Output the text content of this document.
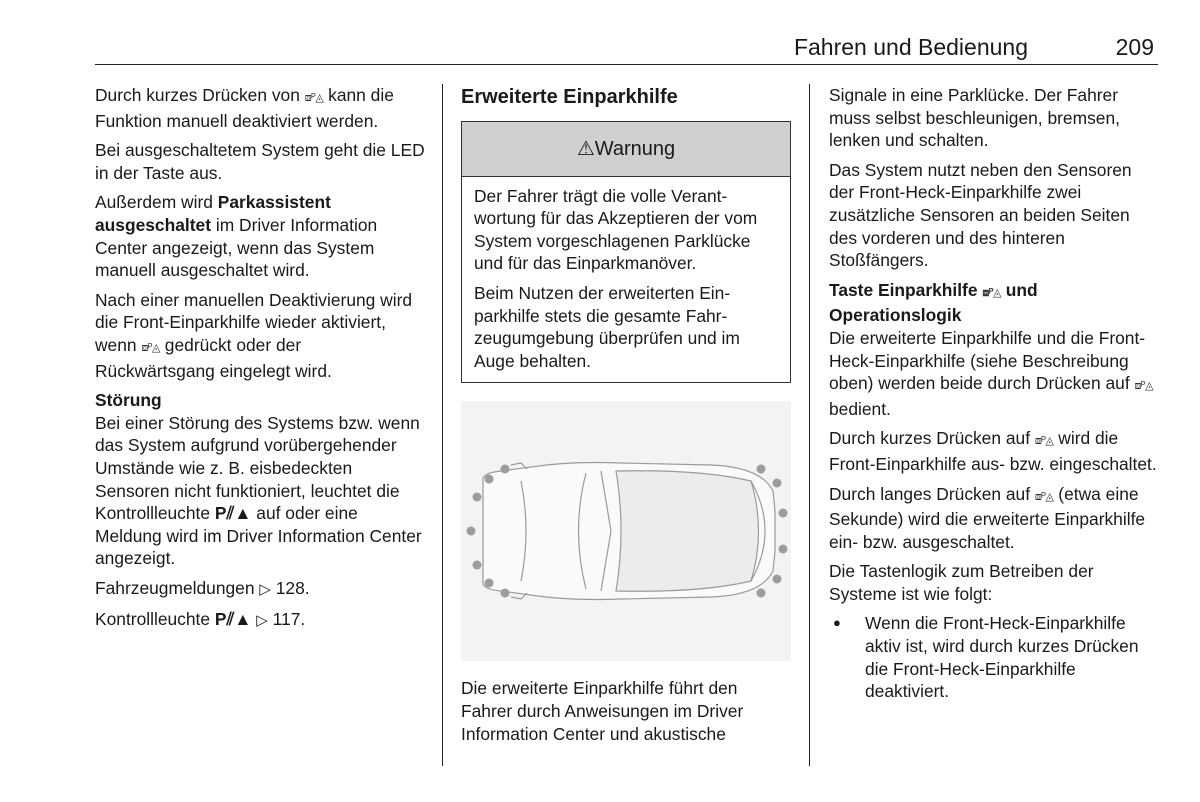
Fahren und Bedienung	209

Durch kurzes Drücken von ⧈ᴾ◬ kann die Funktion manuell deaktiviert werden.

Bei ausgeschaltetem System geht die LED in der Taste aus.

Außerdem wird Parkassistent ausgeschaltet im Driver Information Center angezeigt, wenn das System manuell ausgeschaltet wird.

Nach einer manuellen Deaktivierung wird die Front-Einparkhilfe wieder aktiviert, wenn ⧈ᴾ◬ gedrückt oder der Rückwärtsgang eingelegt wird.

Störung

Bei einer Störung des Systems bzw. wenn das System aufgrund vorübergehender Umstände wie z. B. eisbedeckten Sensoren nicht funktioniert, leuchtet die Kontrollleuchte P⫽▲ auf oder eine Meldung wird im Driver Information Center angezeigt.

Fahrzeugmeldungen ▷ 128.

Kontrollleuchte P⫽▲ ▷ 117.

Erweiterte Einparkhilfe
⚠Warnung

Der Fahrer trägt die volle Verantwortung für das Akzeptieren der vom System vorgeschlagenen Parklücke und für das Einparkmanöver.

Beim Nutzen der erweiterten Einparkhilfe stets die gesamte Fahrzeugumgebung überprüfen und im Auge behalten.

Die erweiterte Einparkhilfe führt den Fahrer durch Anweisungen im Driver Information Center und akustische

Signale in eine Parklücke. Der Fahrer muss selbst beschleunigen, bremsen, lenken und schalten.

Das System nutzt neben den Sensoren der Front-Heck-Einparkhilfe zwei zusätzliche Sensoren an beiden Seiten des vorderen und des hinteren Stoßfängers.

Taste Einparkhilfe ⧈ᴾ◬ und Operationslogik

Die erweiterte Einparkhilfe und die Front-Heck-Einparkhilfe (siehe Beschreibung oben) werden beide durch Drücken auf ⧈ᴾ◬ bedient.

Durch kurzes Drücken auf ⧈ᴾ◬ wird die Front-Einparkhilfe aus- bzw. eingeschaltet.

Durch langes Drücken auf ⧈ᴾ◬ (etwa eine Sekunde) wird die erweiterte Einparkhilfe ein- bzw. ausgeschaltet.

Die Tastenlogik zum Betreiben der Systeme ist wie folgt:

● Wenn die Front-Heck-Einparkhilfe aktiv ist, wird durch kurzes Drücken die Front-Heck-Einparkhilfe deaktiviert.
